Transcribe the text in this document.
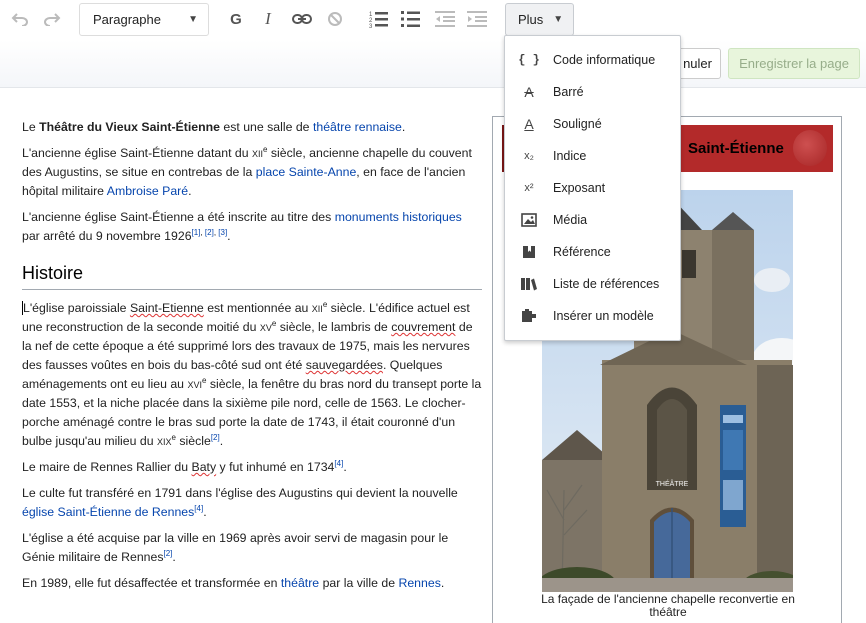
Paragraphe	▼	G	I	1
2
3	Plus ▼
nuler	Enregistrer la page

Le Théâtre du Vieux Saint-Étienne est une salle de théâtre rennaise.

L'ancienne église Saint-Étienne datant du xii$^e$ siècle, ancienne chapelle du couvent des Augustins, se situe en contrebas de la place Sainte-Anne, en face de l'ancien hôpital militaire Ambroise Paré.

L'ancienne église Saint-Étienne a été inscrite au titre des monuments historiques par arrêté du 9 novembre $1926^{[1],}$ $^{[2],}$ [3].

Histoire

L'église paroissiale Saint-Etienne est mentionnée au xii$^e$ siècle. L'édifice actuel est une reconstruction de la seconde moitié du $xv^e$ siècle, le lambris de couvrement de la nef de cette époque a été supprimé lors des travaux de 1975, mais les nervures des fausses voûtes en bois du bas-côté sud ont été sauvegardées. Quelques aménagements ont eu lieu au xvi$^e$ siècle, la fenêtre du bras nord du transept porte la date 1553, et la niche placée dans la sixième pile nord, celle de 1563. Le clocher-porche aménagé contre le bras sud porte la date de 1743, il était couronné d'un bulbe jusqu'au milieu du xix$^e$ siècle[2].

Le maire de Rennes Rallier du Baty y fut inhumé en 1734[4].

Le culte fut transféré en 1791 dans l'église des Augustins qui devient la nouvelle église Saint-Étienne de Rennes[4].

L'église a été acquise par la ville en 1969 après avoir servi de magasin pour le Génie militaire de Rennes[2].

En 1989, elle fut désaffectée et transformée en théâtre par la ville de Rennes.

Saint-Étienne
THÉÂTRE
La façade de l'ancienne chapelle reconvertie en théâtre
{ }	Code informatique
A	Barré
A	Souligné
x₂	Indice
x²	Exposant
Média
Référence
Liste de références
Insérer un modèle
